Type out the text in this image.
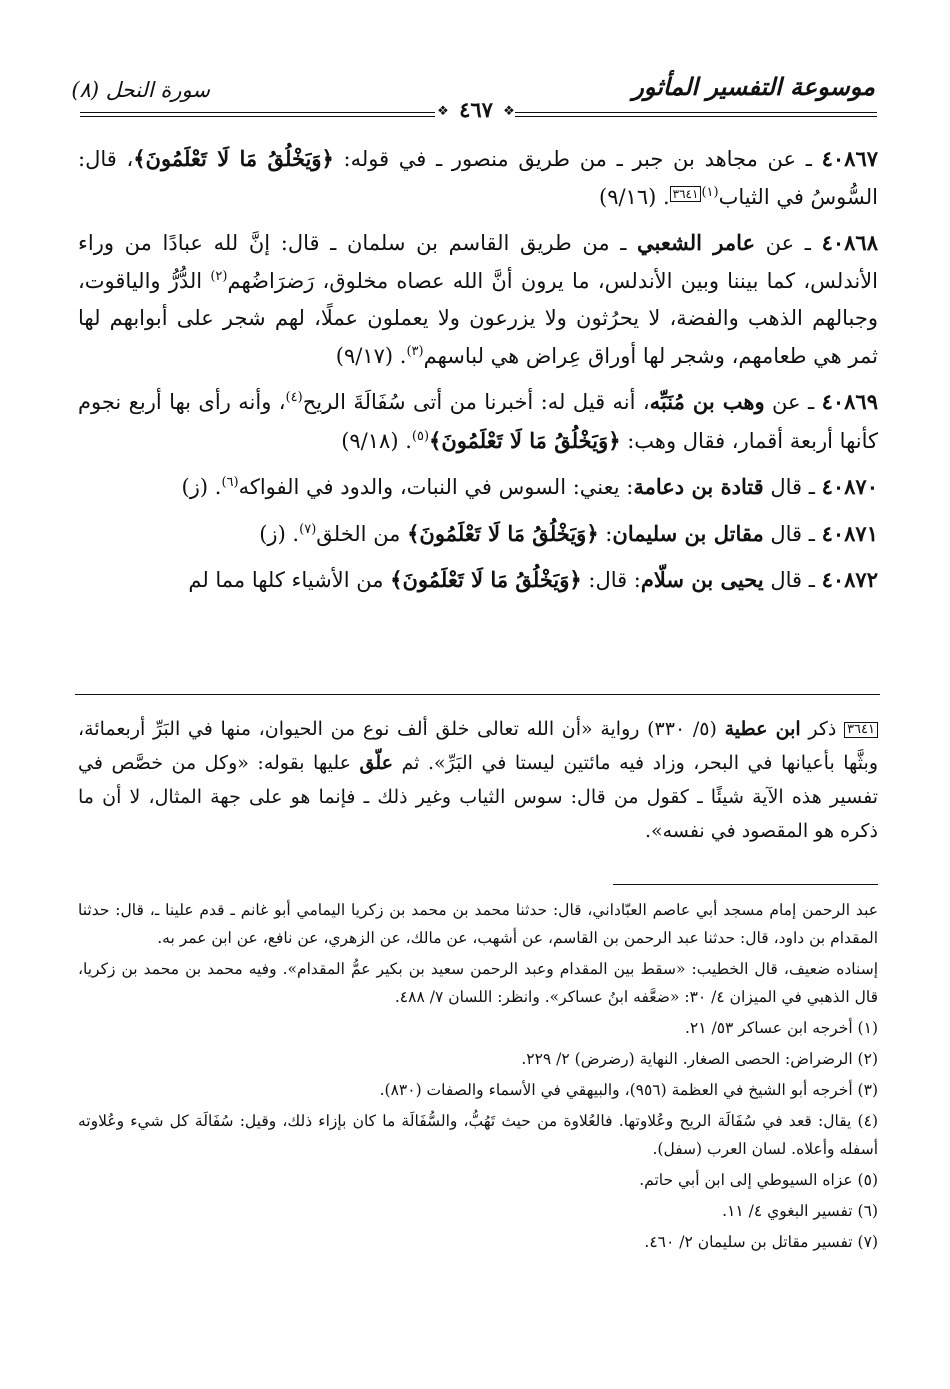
موسوعة التفسير المأثور
سورة النحل (٨)
❖	❖
٤٦٧

٤٠٨٦٧ ـ عن مجاهد بن جبر ـ من طريق منصور ـ في قوله: ﴿وَيَخْلُقُ مَا لَا تَعْلَمُونَ﴾، قال: السُّوسُ في الثياب$^{(١)}$٣٦٤١. (٩/١٦)

٤٠٨٦٨ ـ عن عامر الشعبي ـ من طريق القاسم بن سلمان ـ قال: إنَّ لله عبادًا من وراء الأندلس، كما بيننا وبين الأندلس، ما يرون أنَّ الله عصاه مخلوق، رَضرَاضُهم$^{(٢)}$ الدُّرُّ والياقوت، وجبالهم الذهب والفضة، لا يحرُثون ولا يزرعون ولا يعملون عملًا، لهم شجر على أبوابهم لها ثمر هي طعامهم، وشجر لها أوراق عِراض هي لباسهم$^{(٣)}$. (٩/١٧)

٤٠٨٦٩ ـ عن وهب بن مُنَبِّه، أنه قيل له: أخبرنا من أتى سُفَالَةَ الريح$^{(٤)}$، وأنه رأى بها أربع نجوم كأنها أربعة أقمار، فقال وهب: ﴿وَيَخْلُقُ مَا لَا تَعْلَمُونَ﴾$^{(٥)}$. (٩/١٨)

٤٠٨٧٠ ـ قال قتادة بن دعامة: يعني: السوس في النبات، والدود في الفواكه$^{(٦)}$. (ز)

٤٠٨٧١ ـ قال مقاتل بن سليمان: ﴿وَيَخْلُقُ مَا لَا تَعْلَمُونَ﴾ من الخلق$^{(٧)}$. (ز)

٤٠٨٧٢ ـ قال يحيى بن سلّام: قال: ﴿وَيَخْلُقُ مَا لَا تَعْلَمُونَ﴾ من الأشياء كلها مما لم

٣٦٤١ ذكر ابن عطية (٥/ ٣٣٠) رواية «أن الله تعالى خلق ألف نوع من الحيوان، منها في البَرِّ أربعمائة، وبثَّها بأعيانها في البحر، وزاد فيه مائتين ليستا في البَرِّ». ثم علّق عليها بقوله: «وكل من خصَّص في تفسير هذه الآية شيئًا ـ كقول من قال: سوس الثياب وغير ذلك ـ فإنما هو على جهة المثال، لا أن ما ذكره هو المقصود في نفسه».

عبد الرحمن إمام مسجد أبي عاصم العبّاداني، قال: حدثنا محمد بن محمد بن زكريا اليمامي أبو غانم ـ قدم علينا ـ، قال: حدثنا المقدام بن داود، قال: حدثنا عبد الرحمن بن القاسم، عن أشهب، عن مالك، عن الزهري، عن نافع، عن ابن عمر به.

إسناده ضعيف، قال الخطيب: «سقط بين المقدام وعبد الرحمن سعيد بن بكير عمُّ المقدام». وفيه محمد بن محمد بن زكريا، قال الذهبي في الميزان ٤/ ٣٠: «ضعَّفه ابنُ عساكر». وانظر: اللسان ٧/ ٤٨٨.

(١) أخرجه ابن عساكر ٥٣/ ٢١.

(٢) الرضراض: الحصى الصغار. النهاية (رضرض) ٢/ ٢٢٩.

(٣) أخرجه أبو الشيخ في العظمة (٩٥٦)، والبيهقي في الأسماء والصفات (٨٣٠).

(٤) يقال: قعد في سُفَالَة الريح وعُلاوتها. فالعُلاوة من حيث تَهُبُّ، والسُّفَالَة ما كان بإزاء ذلك، وقيل: سُفَالَة كل شيء وعُلاوته أسفله وأعلاه. لسان العرب (سفل).

(٥) عزاه السيوطي إلى ابن أبي حاتم.

(٦) تفسير البغوي ٤/ ١١.

(٧) تفسير مقاتل بن سليمان ٢/ ٤٦٠.
